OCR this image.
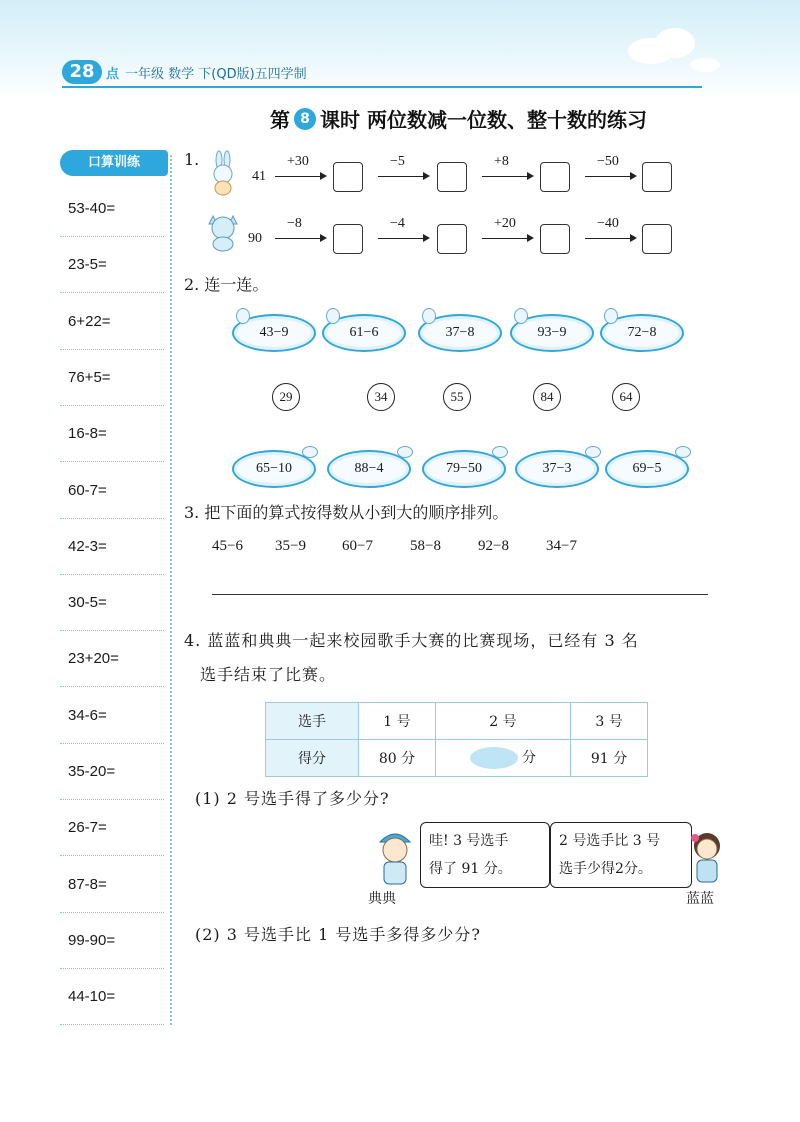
28 点 一年级 数学 下(QD版)五四学制
第 8 课时 两位数减一位数、整十数的练习
口算训练
53-40=
23-5=
6+22=
76+5=
16-8=
60-7=
42-3=
30-5=
23+20=
34-6=
35-20=
26-7=
87-8=
99-90=
44-10=
1.
41
90
+30	−5	+8	−50
−8	−4	+20	−40
2. 连一连。
43−9	61−6	37−8	93−9	72−8
29	34	55	84	64
65−10	88−4	79−50	37−3	69−5
3. 把下面的算式按得数从小到大的顺序排列。
45−6 35−9 60−7 58−8 92−8 34−7
4. 蓝蓝和典典一起来校园歌手大赛的比赛现场，已经有 3 名
选手结束了比赛。
选手	1 号	2 号	3 号
得分	80 分	分	91 分
(1) 2 号选手得了多少分?
典典
哇! 3 号选手
得了 91 分。
2 号选手比 3 号
选手少得2分。
蓝蓝
(2) 3 号选手比 1 号选手多得多少分?
